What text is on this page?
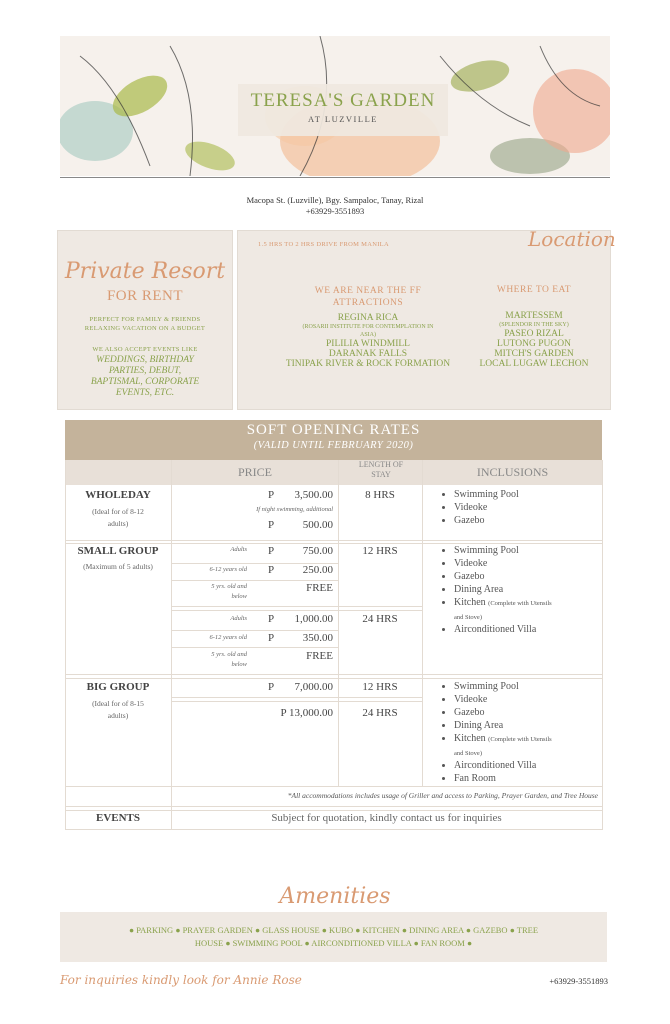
TERESA'S GARDEN
AT LUZVILLE
Macopa St. (Luzville), Bgy. Sampaloc, Tanay, Rizal
+63929-3551893
Private Resort
FOR RENT
PERFECT FOR FAMILY & FRIENDS
RELAXING VACATION ON A BUDGET
WE ALSO ACCEPT EVENTS LIKE
WEDDINGS, BIRTHDAY
PARTIES, DEBUT,
BAPTISMAL, CORPORATE
EVENTS, ETC.
1.5 HRS TO 2 HRS DRIVE FROM MANILA	Location
WE ARE NEAR THE FF
ATTRACTIONS
REGINA RICA
(ROSARII INSTITUTE FOR CONTEMPLATION IN
ASIA)
PILILIA WINDMILL
DARANAK FALLS
TINIPAK RIVER & ROCK FORMATION
WHERE TO EAT
MARTESSEM
(SPLENDOR IN THE SKY)
PASEO RIZAL
LUTONG PUGON
MITCH'S GARDEN
LOCAL LUGAW LECHON
SOFT OPENING RATES
(VALID UNTIL FEBRUARY 2020)
PRICE
LENGTH OF
STAY	INCLUSIONS
WHOLEDAY
(Ideal for of 8-12
adults)
P	3,500.00
If night swimming, additional
P	500.00
8 HRS
•	Swimming Pool
• Videoke
• Gazebo
SMALL GROUP
(Maximum of 5 adults)
Adults P	750.00
6-12 years old P	250.00
5 yrs. old and
below
FREE
12 HRS
Adults P	1,000.00
6-12 years old P	350.00
5 yrs. old and
below
FREE
24 HRS
• Swimming Pool
• Videoke
• Gazebo
• Dining Area
• Kitchen (Complete with Utensils
and Stove)
• Airconditioned Villa
BIG GROUP
(Ideal for of 8-15
adults)
P	7,000.00	12 HRS
P 13,000.00	24 HRS
• Swimming Pool
• Videoke
• Gazebo
• Dining Area
• Kitchen (Complete with Utensils
and Stove)
• Airconditioned Villa
• Fan Room
*All accommodations includes usage of Griller and access to Parking, Prayer Garden, and Tree House
EVENTS	Subject for quotation, kindly contact us for inquiries
Amenities
● PARKING ● PRAYER GARDEN ● GLASS HOUSE ● KUBO ● KITCHEN ● DINING AREA ● GAZEBO ● TREE
HOUSE ● SWIMMING POOL ● AIRCONDITIONED VILLA ● FAN ROOM ●
For inquiries kindly look for Annie Rose	+63929-3551893
